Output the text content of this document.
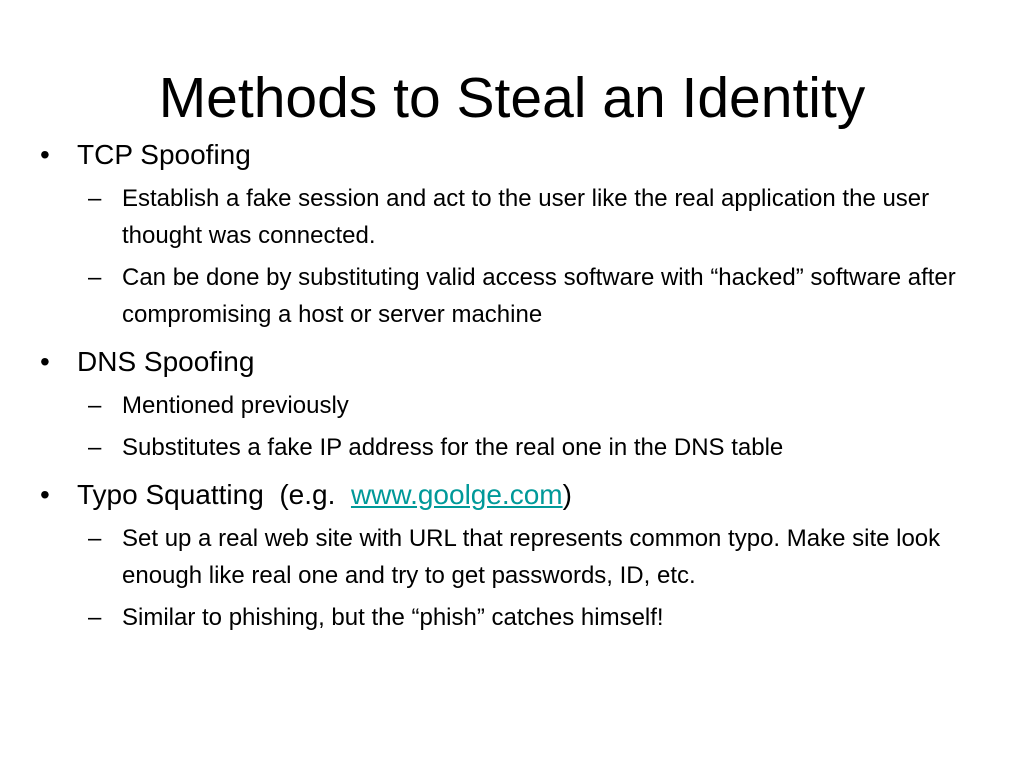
Methods to Steal an Identity
• TCP Spoofing
– Establish a fake session and act to the user like the real application the user thought was connected.
– Can be done by substituting valid access software with “hacked” software after compromising a host or server machine
• DNS Spoofing
– Mentioned previously
– Substitutes a fake IP address for the real one in the DNS table
• Typo Squatting  (e.g.  www.goolge.com)
– Set up a real web site with URL that represents common typo. Make site look enough like real one and try to get passwords, ID, etc.
– Similar to phishing, but the “phish” catches himself!
